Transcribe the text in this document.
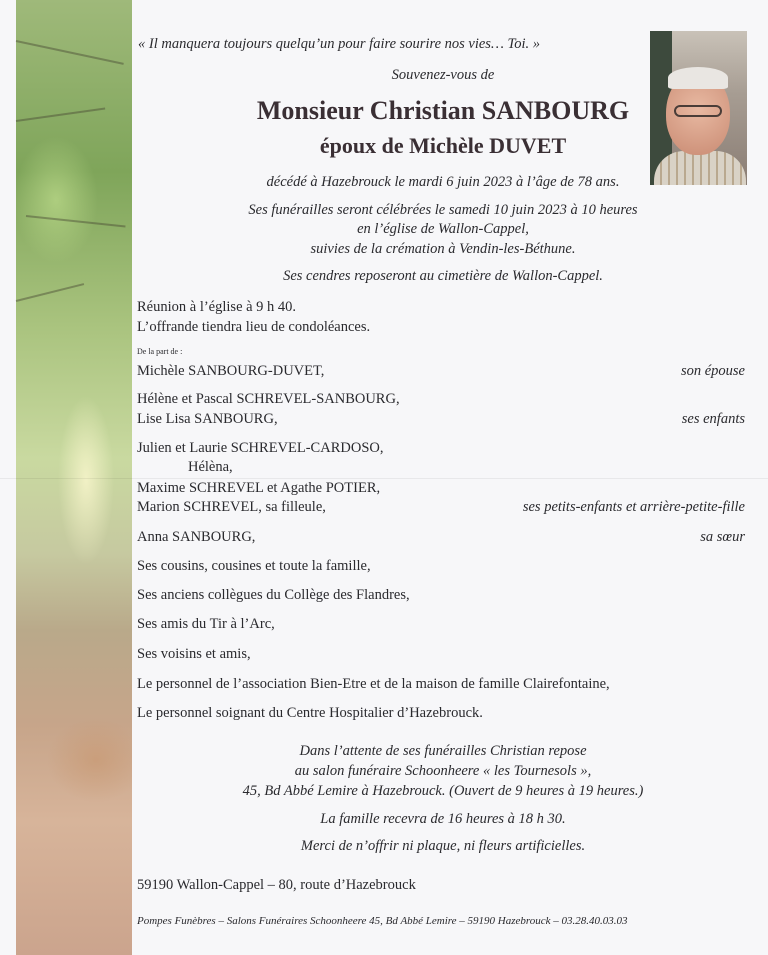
« Il manquera toujours quelqu’un pour faire sourire nos vies… Toi. »
Souvenez-vous de
Monsieur Christian SANBOURG
époux de Michèle DUVET
décédé à Hazebrouck le mardi 6 juin 2023 à l’âge de 78 ans.
Ses funérailles seront célébrées le samedi 10 juin 2023 à 10 heures
en l’église de Wallon-Cappel,
suivies de la crémation à Vendin-les-Béthune.
Ses cendres reposeront au cimetière de Wallon-Cappel.
Réunion à l’église à 9 h 40.
L’offrande tiendra lieu de condoléances.
De la part de :
Michèle SANBOURG-DUVET,	son épouse
Hélène et Pascal SCHREVEL-SANBOURG,
Lise Lisa SANBOURG,	ses enfants
Julien et Laurie SCHREVEL-CARDOSO,
Hélèna,
Maxime SCHREVEL et Agathe POTIER,
Marion SCHREVEL, sa filleule,	ses petits-enfants et arrière-petite-fille
Anna SANBOURG,	sa sœur
Ses cousins, cousines et toute la famille,
Ses anciens collègues du Collège des Flandres,
Ses amis du Tir à l’Arc,
Ses voisins et amis,
Le personnel de l’association Bien-Etre et de la maison de famille Clairefontaine,
Le personnel soignant du Centre Hospitalier d’Hazebrouck.
Dans l’attente de ses funérailles Christian repose
au salon funéraire Schoonheere « les Tournesols »,
45, Bd Abbé Lemire à Hazebrouck. (Ouvert de 9 heures à 19 heures.)
La famille recevra de 16 heures à 18 h 30.
Merci de n’offrir ni plaque, ni fleurs artificielles.
59190 Wallon-Cappel – 80, route d’Hazebrouck
Pompes Funèbres – Salons Funéraires Schoonheere 45, Bd Abbé Lemire – 59190 Hazebrouck – 03.28.40.03.03
